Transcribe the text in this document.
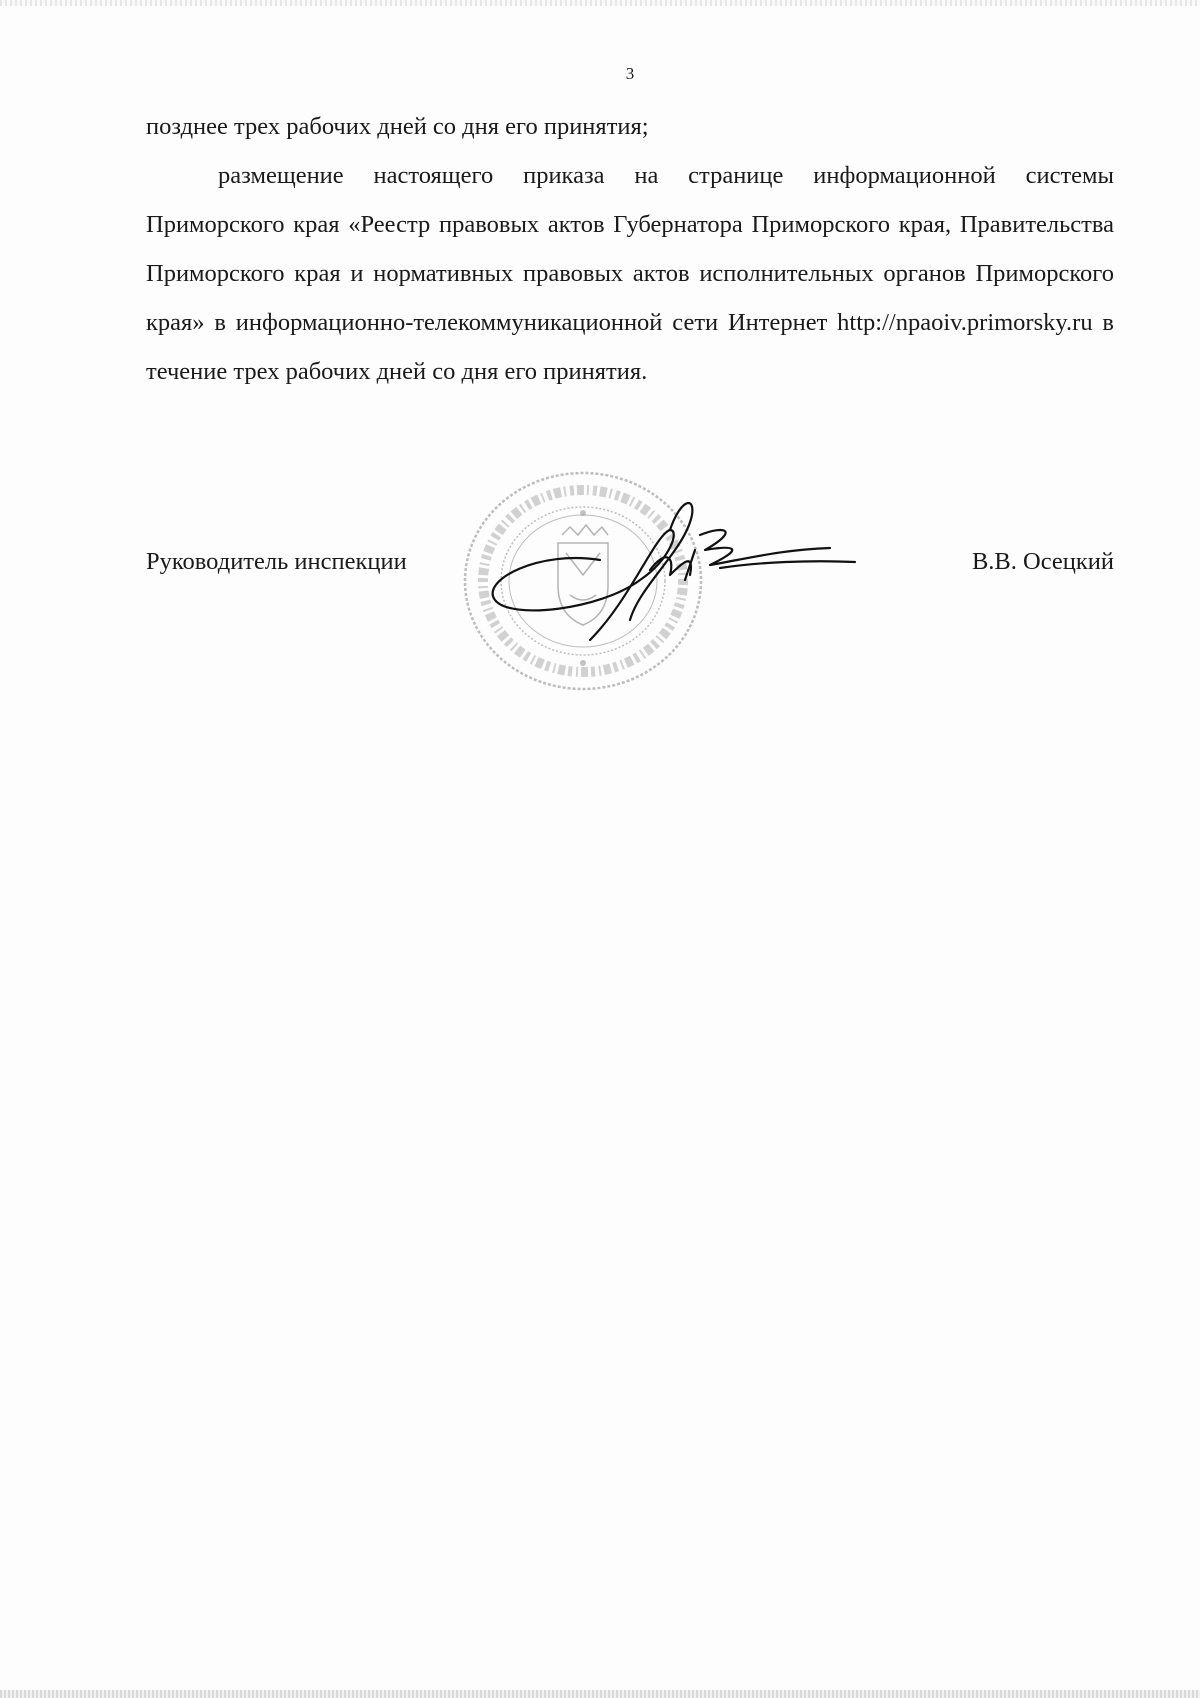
3
позднее трех рабочих дней со дня его принятия;
размещение настоящего приказа на странице информационной системы Приморского края «Реестр правовых актов Губернатора Приморского края, Правительства Приморского края и нормативных правовых актов исполнительных органов Приморского края» в информационно-телекоммуникационной сети Интернет http://npaoiv.primorsky.ru в течение трех рабочих дней со дня его принятия.
Руководитель инспекции	В.В. Осецкий
